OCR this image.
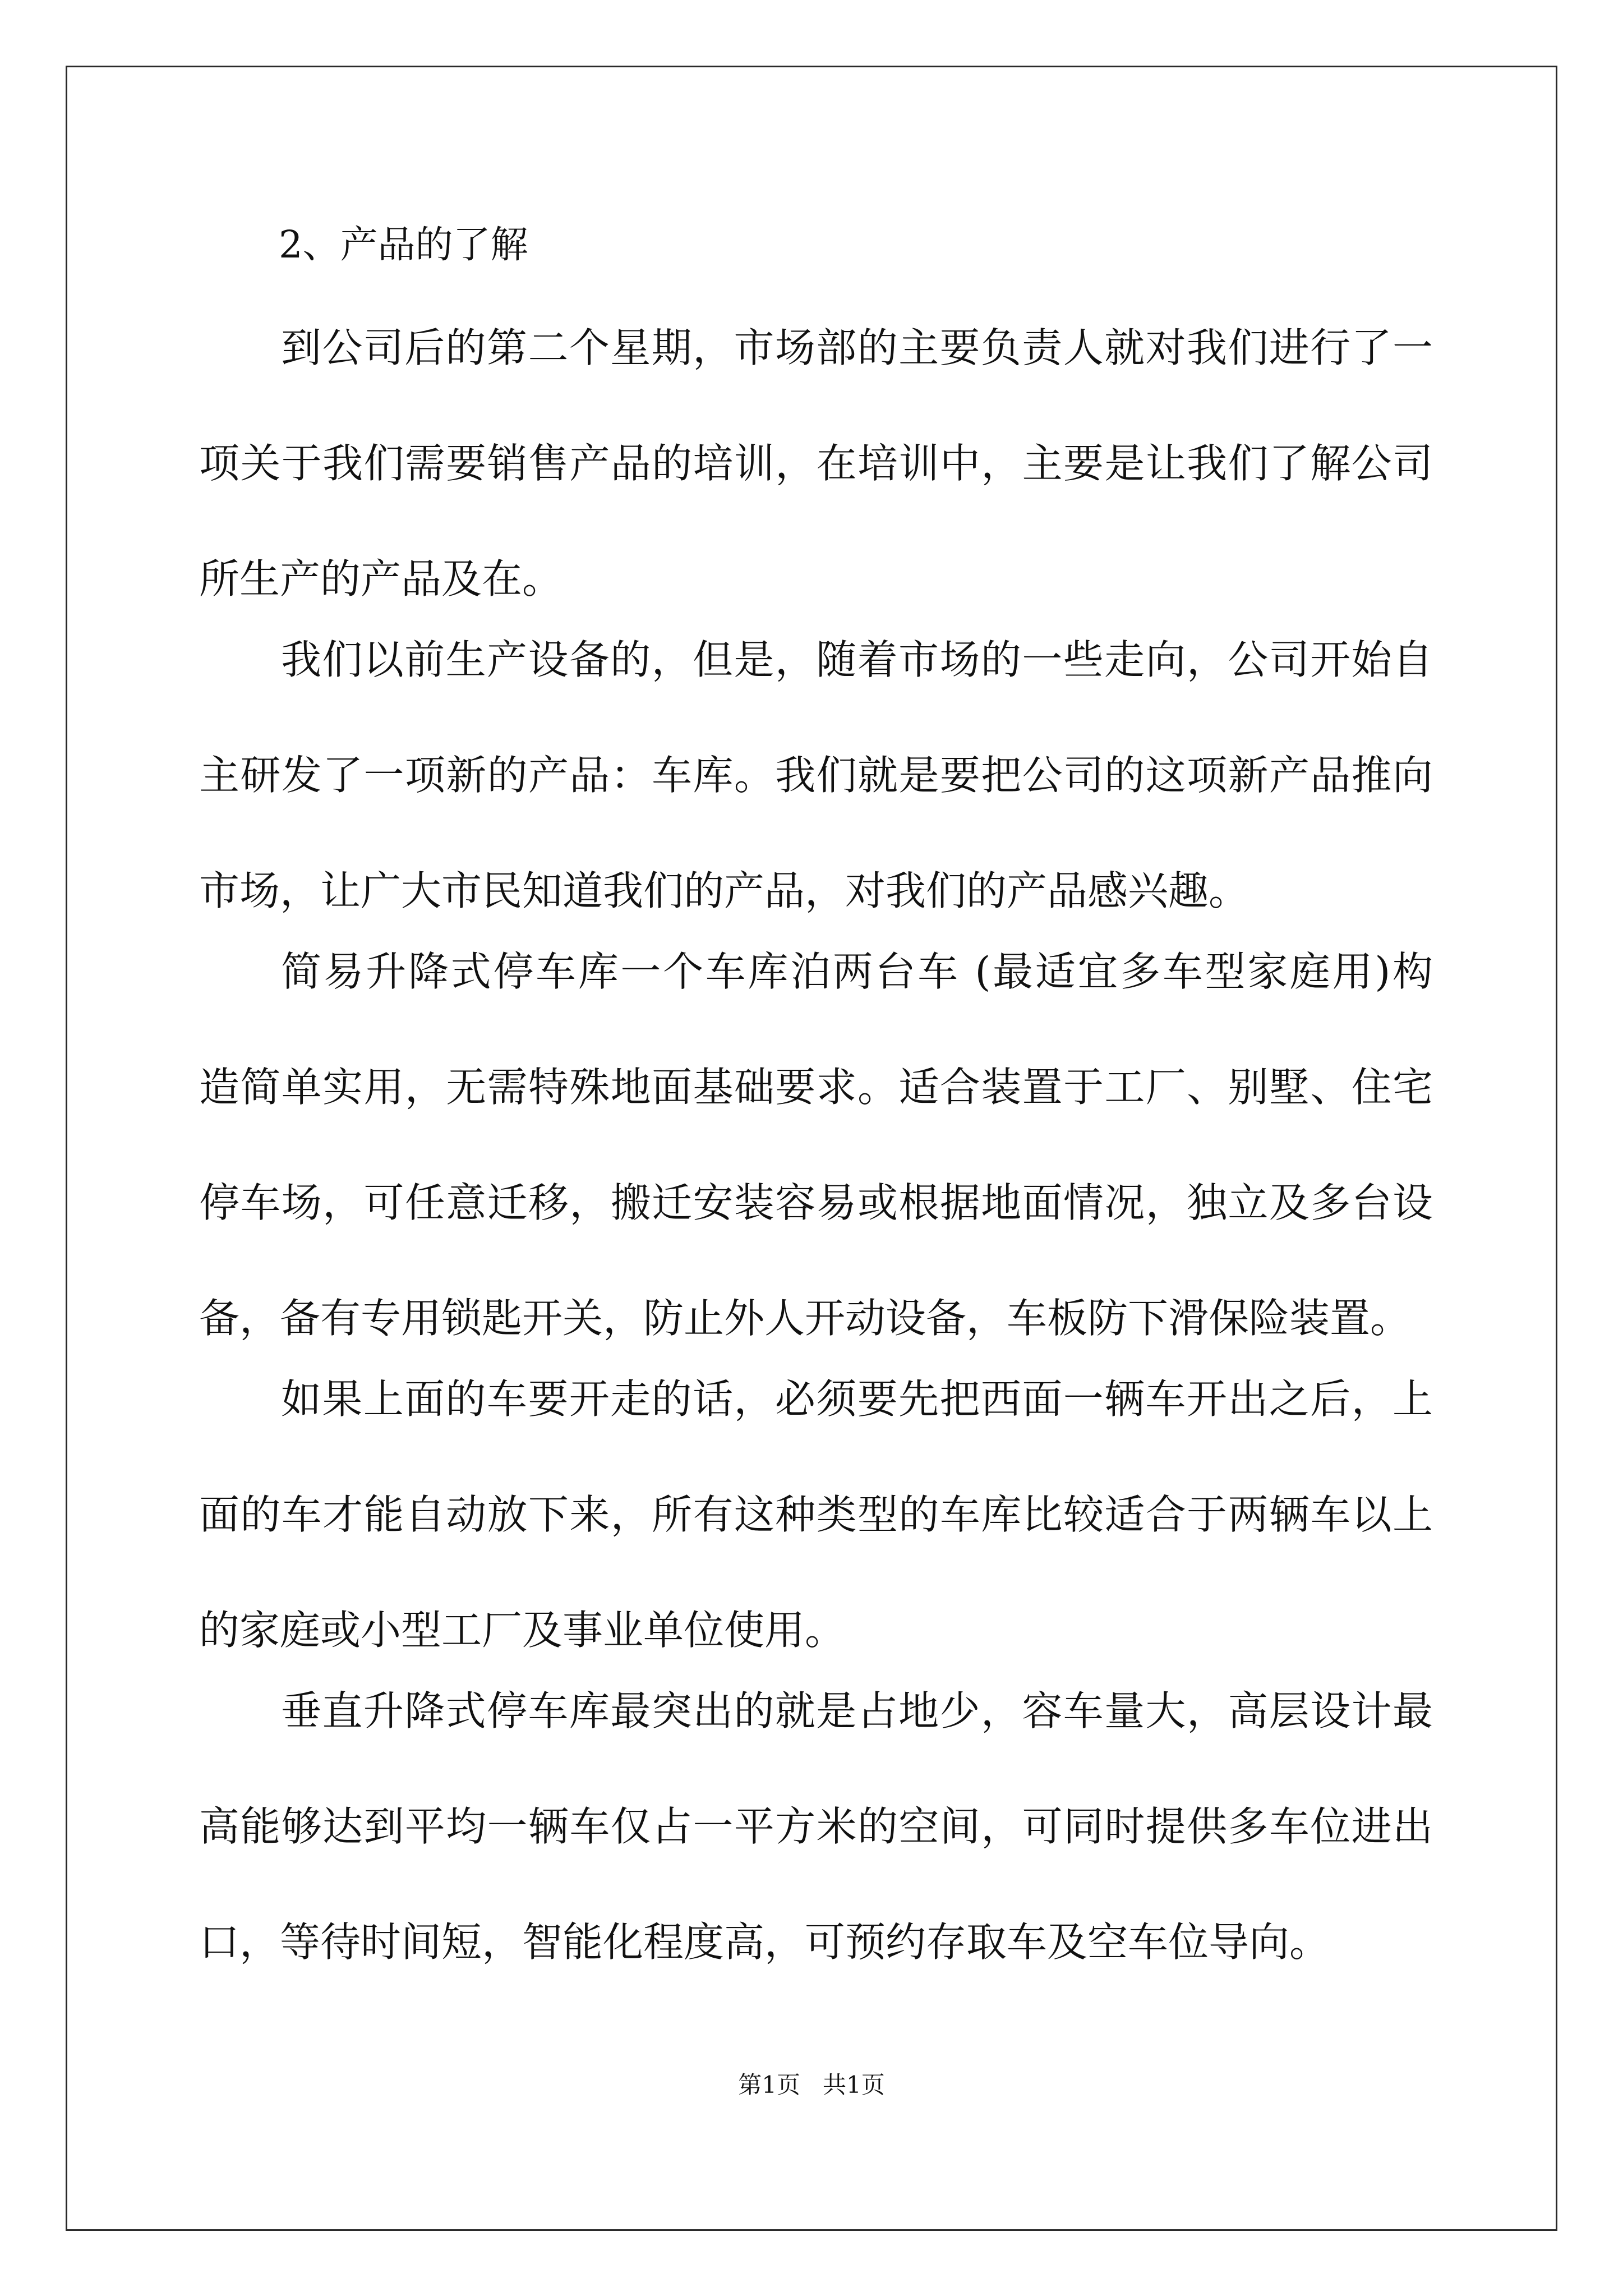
2、产品的了解

到公司后的第二个星期，市场部的主要负责人就对我们进行了一
项关于我们需要销售产品的培训，在培训中，主要是让我们了解公司
所生产的产品及在。

我们以前生产设备的，但是，随着市场的一些走向，公司开始自
主研发了一项新的产品：车库。我们就是要把公司的这项新产品推向
市场，让广大市民知道我们的产品，对我们的产品感兴趣。

简易升降式停车库一个车库泊两台车 (最适宜多车型家庭用)构
造简单实用，无需特殊地面基础要求。适合装置于工厂、别墅、住宅
停车场，可任意迁移，搬迁安装容易或根据地面情况，独立及多台设
备，备有专用锁匙开关，防止外人开动设备，车板防下滑保险装置。

如果上面的车要开走的话，必须要先把西面一辆车开出之后，上
面的车才能自动放下来，所有这种类型的车库比较适合于两辆车以上
的家庭或小型工厂及事业单位使用。

垂直升降式停车库最突出的就是占地少，容车量大，高层设计最
高能够达到平均一辆车仅占一平方米的空间，可同时提供多车位进出
口，等待时间短，智能化程度高，可预约存取车及空车位导向。

第1页   共1页
